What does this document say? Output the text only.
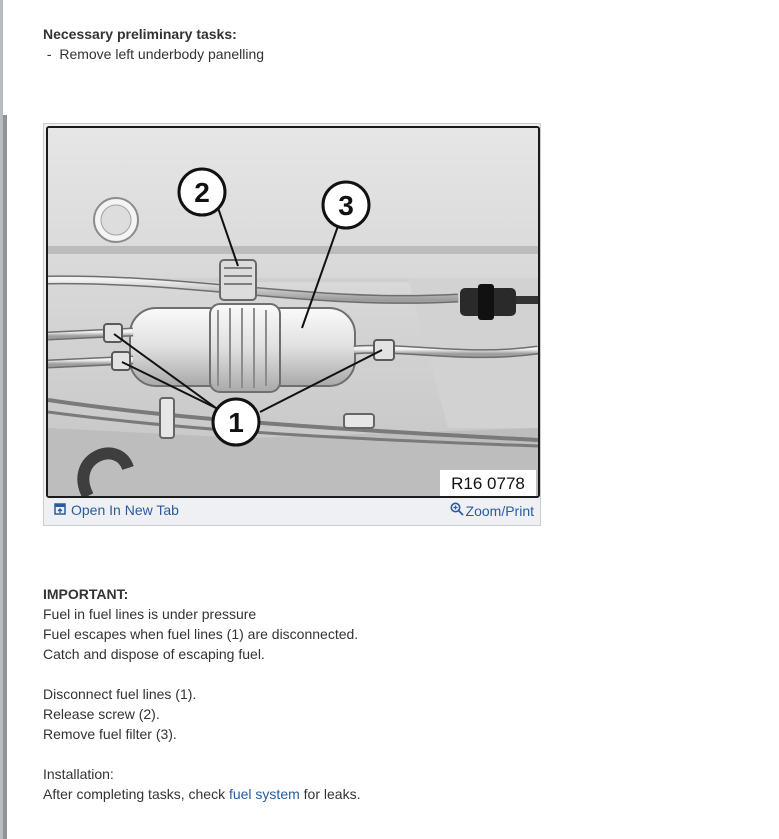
Necessary preliminary tasks:

-  Remove left underbody panelling

2	3
1
R16 0778
Open In New Tab	Zoom/Print

IMPORTANT:

Fuel in fuel lines is under pressure

Fuel escapes when fuel lines (1) are disconnected.

Catch and dispose of escaping fuel.

Disconnect fuel lines (1).

Release screw (2).

Remove fuel filter (3).

Installation:

After completing tasks, check fuel system for leaks.
